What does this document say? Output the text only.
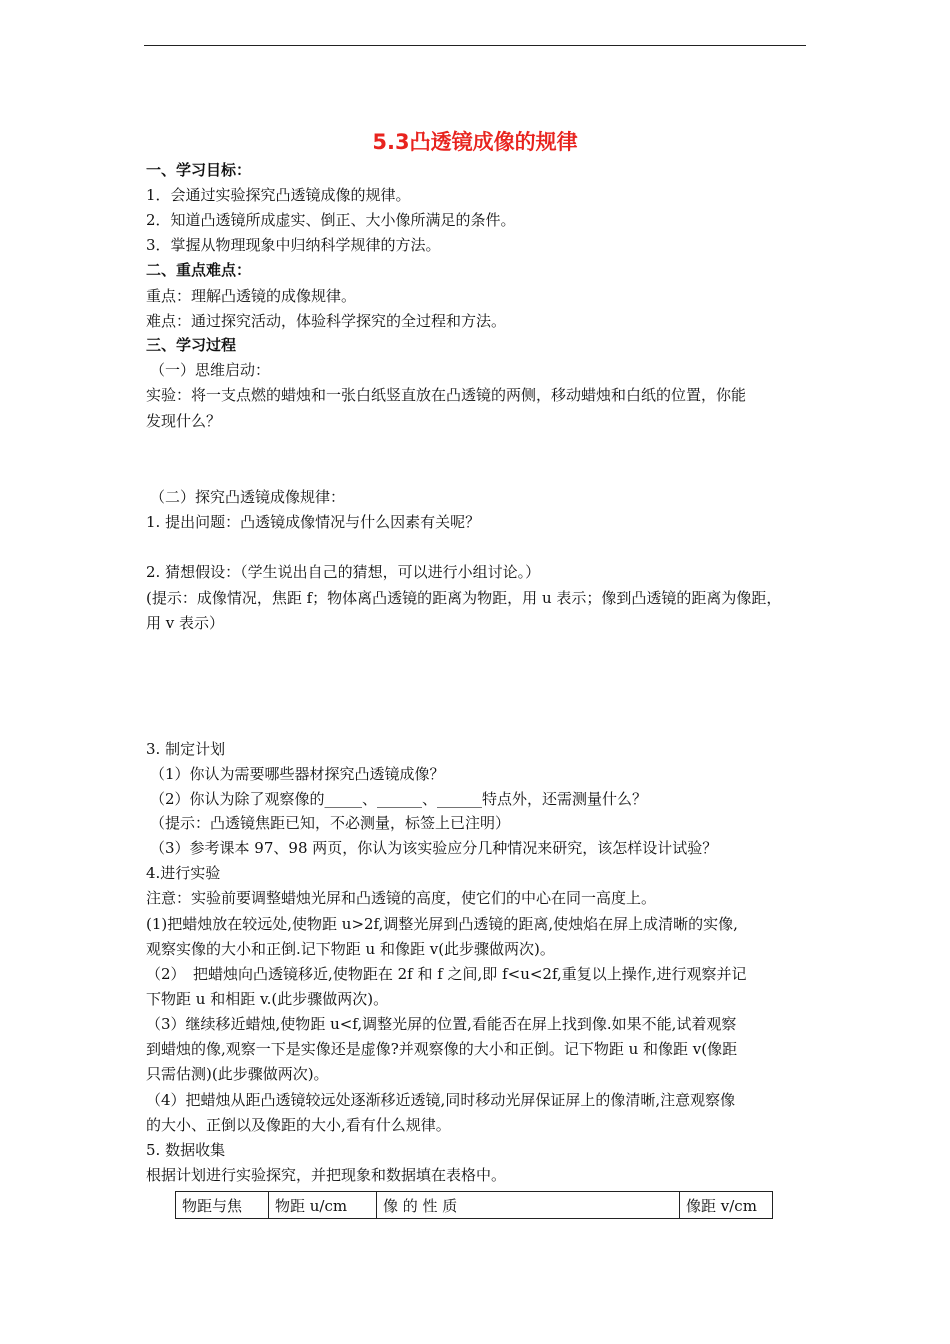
5.3凸透镜成像的规律
一、学习目标：
1．会通过实验探究凸透镜成像的规律。
2．知道凸透镜所成虚实、倒正、大小像所满足的条件。
3．掌握从物理现象中归纳科学规律的方法。
二、重点难点：
重点：理解凸透镜的成像规律。
难点：通过探究活动，体验科学探究的全过程和方法。
三、学习过程
（一）思维启动：
实验：将一支点燃的蜡烛和一张白纸竖直放在凸透镜的两侧，移动蜡烛和白纸的位置，你能
发现什么？
（二）探究凸透镜成像规律：
1. 提出问题：凸透镜成像情况与什么因素有关呢？
2. 猜想假设：（学生说出自己的猜想，可以进行小组讨论。）
(提示：成像情况，焦距 f；物体离凸透镜的距离为物距，用 u 表示；像到凸透镜的距离为像距，
用 v 表示）
3. 制定计划
（1）你认为需要哪些器材探究凸透镜成像？
（2）你认为除了观察像的_____、______、______特点外，还需测量什么？
（提示：凸透镜焦距已知，不必测量，标签上已注明）
（3）参考课本 97、98 两页，你认为该实验应分几种情况来研究，该怎样设计试验？
4.进行实验
注意：实验前要调整蜡烛光屏和凸透镜的高度，使它们的中心在同一高度上。
(1)把蜡烛放在较远处,使物距 u>2f,调整光屏到凸透镜的距离,使烛焰在屏上成清晰的实像,
观察实像的大小和正倒.记下物距 u 和像距 v(此步骤做两次)。
（2）　把蜡烛向凸透镜移近,使物距在 2f 和 f 之间,即 f<u<2f,重复以上操作,进行观察并记
下物距 u 和相距 v.(此步骤做两次)。
（3）继续移近蜡烛,使物距 u<f,调整光屏的位置,看能否在屏上找到像.如果不能,试着观察
到蜡烛的像,观察一下是实像还是虚像?并观察像的大小和正倒。记下物距 u 和像距 v(像距
只需估测)(此步骤做两次)。
（4）把蜡烛从距凸透镜较远处逐渐移近透镜,同时移动光屏保证屏上的像清晰,注意观察像
的大小、正倒以及像距的大小,看有什么规律。
5. 数据收集
根据计划进行实验探究，并把现象和数据填在表格中。
物距与焦	物距 u/cm	像 的 性 质	像距 v/cm
